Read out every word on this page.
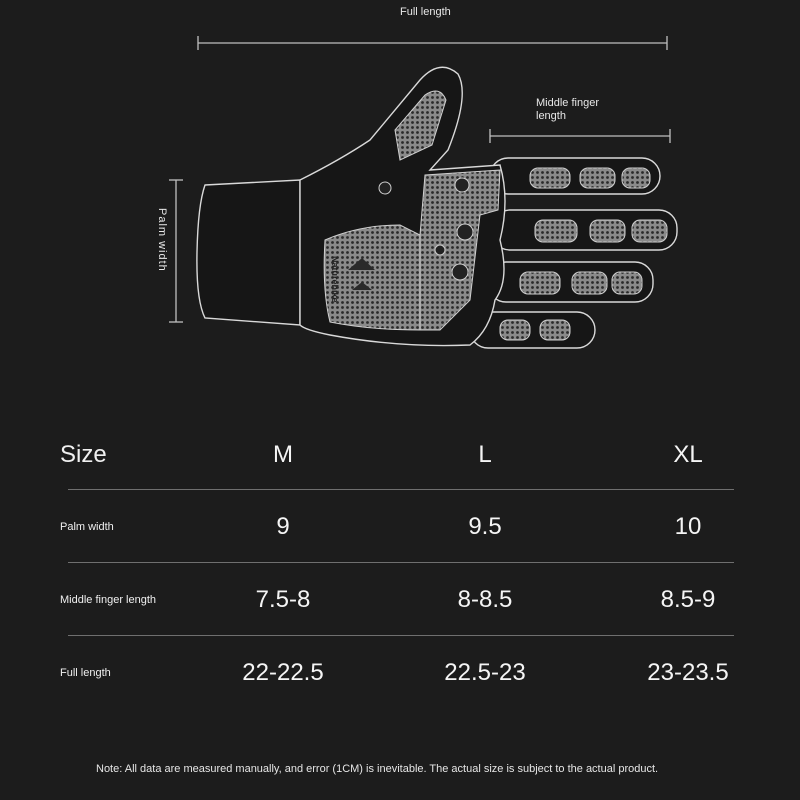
Full length
Middle finger length
Palm width
Naturehike
Size	M	L	XL
Palm width	9	9.5	10
Middle finger length	7.5-8	8-8.5	8.5-9
Full length	22-22.5	22.5-23	23-23.5
Note: All data are measured manually, and error (1CM) is inevitable. The actual size is subject to the actual product.
